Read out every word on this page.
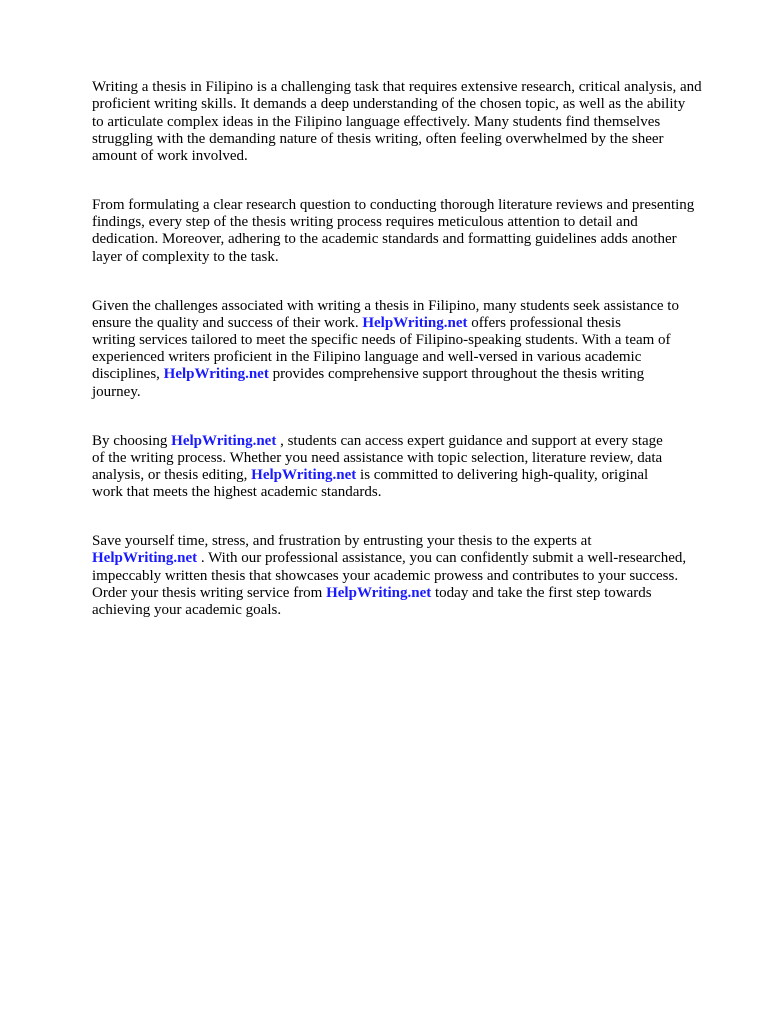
Writing a thesis in Filipino is a challenging task that requires extensive research, critical analysis, and
proficient writing skills. It demands a deep understanding of the chosen topic, as well as the ability
to articulate complex ideas in the Filipino language effectively. Many students find themselves
struggling with the demanding nature of thesis writing, often feeling overwhelmed by the sheer
amount of work involved.

From formulating a clear research question to conducting thorough literature reviews and presenting
findings, every step of the thesis writing process requires meticulous attention to detail and
dedication. Moreover, adhering to the academic standards and formatting guidelines adds another
layer of complexity to the task.

Given the challenges associated with writing a thesis in Filipino, many students seek assistance to
ensure the quality and success of their work. HelpWriting.net offers professional thesis
writing services tailored to meet the specific needs of Filipino-speaking students. With a team of
experienced writers proficient in the Filipino language and well-versed in various academic
disciplines, HelpWriting.net provides comprehensive support throughout the thesis writing
journey.

By choosing HelpWriting.net , students can access expert guidance and support at every stage
of the writing process. Whether you need assistance with topic selection, literature review, data
analysis, or thesis editing, HelpWriting.net is committed to delivering high-quality, original
work that meets the highest academic standards.

Save yourself time, stress, and frustration by entrusting your thesis to the experts at
HelpWriting.net . With our professional assistance, you can confidently submit a well-researched,
impeccably written thesis that showcases your academic prowess and contributes to your success.
Order your thesis writing service from HelpWriting.net today and take the first step towards
achieving your academic goals.
